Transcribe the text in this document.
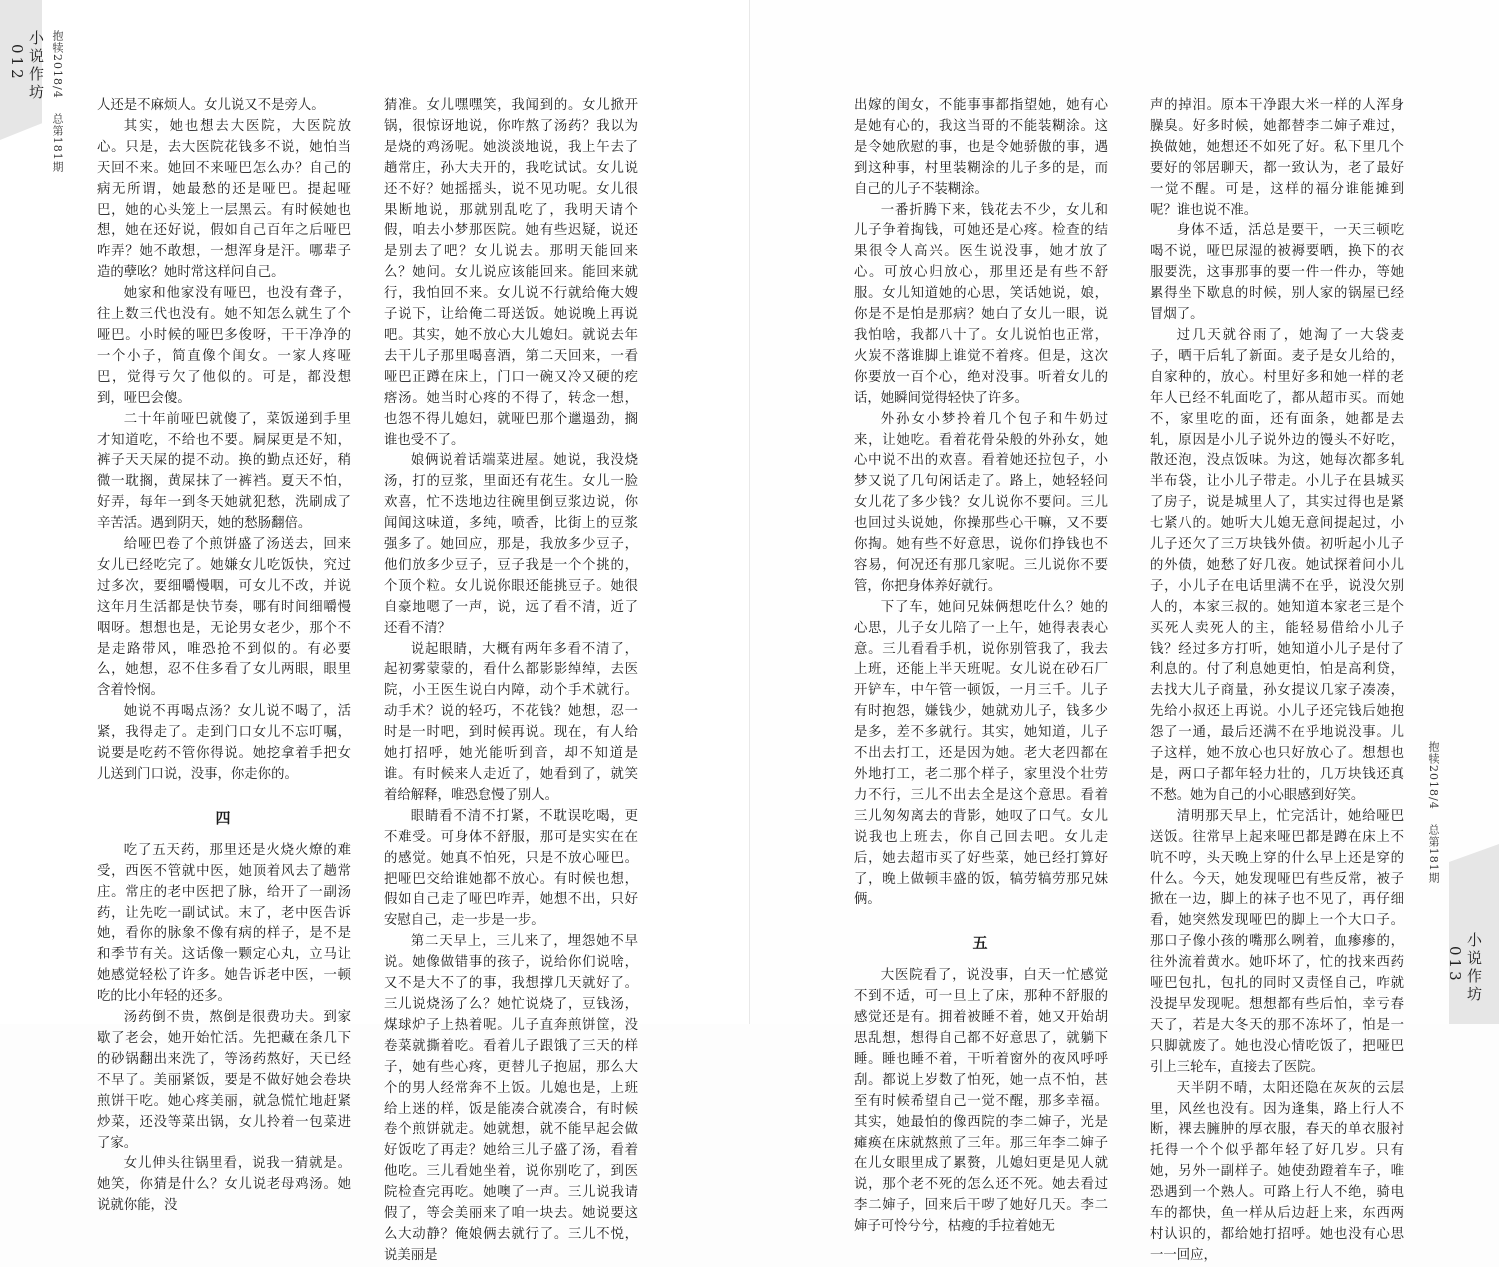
小说作坊
012 抱犊2018/4总第181期

人还是不麻烦人。女儿说又不是旁人。

其实，她也想去大医院，大医院放心。只是，去大医院花钱多不说，她怕当天回不来。她回不来哑巴怎么办？自己的病无所谓，她最愁的还是哑巴。提起哑巴，她的心头笼上一层黑云。有时候她也想，她在还好说，假如自己百年之后哑巴咋弄？她不敢想，一想浑身是汗。哪辈子造的孽吆？她时常这样问自己。

她家和他家没有哑巴，也没有聋子，往上数三代也没有。她不知怎么就生了个哑巴。小时候的哑巴多俊呀，干干净净的一个小子，简直像个闺女。一家人疼哑巴，觉得亏欠了他似的。可是，都没想到，哑巴会傻。

二十年前哑巴就傻了，菜饭递到手里才知道吃，不给也不要。屙屎更是不知，裤子天天屎的提不动。换的勤点还好，稍微一耽搁，黄屎抹了一裤裆。夏天不怕，好弄，每年一到冬天她就犯愁，洗刷成了辛苦活。遇到阴天，她的愁肠翻倍。

给哑巴卷了个煎饼盛了汤送去，回来女儿已经吃完了。她嫌女儿吃饭快，究过过多次，要细嚼慢咽，可女儿不改，并说这年月生活都是快节奏，哪有时间细嚼慢咽呀。想想也是，无论男女老少，那个不是走路带风，唯恐抢不到似的。有必要么，她想，忍不住多看了女儿两眼，眼里含着怜悯。

她说不再喝点汤？女儿说不喝了，活紧，我得走了。走到门口女儿不忘叮嘱，说要是吃药不管你得说。她挖拿着手把女儿送到门口说，没事，你走你的。

四

吃了五天药，那里还是火烧火燎的难受，西医不管就中医，她顶着风去了趟常庄。常庄的老中医把了脉，给开了一副汤药，让先吃一副试试。末了，老中医告诉她，看你的脉象不像有病的样子，是不是和季节有关。这话像一颗定心丸，立马让她感觉轻松了许多。她告诉老中医，一顿吃的比小年轻的还多。

汤药倒不贵，熬倒是很费功夫。到家歇了老会，她开始忙活。先把藏在条几下的砂锅翻出来洗了，等汤药熬好，天已经不早了。美丽紧饭，要是不做好她会卷块煎饼干吃。她心疼美丽，就急慌忙地赶紧炒菜，还没等菜出锅，女儿拎着一包菜进了家。

女儿伸头往锅里看，说我一猜就是。她笑，你猜是什么？女儿说老母鸡汤。她说就你能，没

猜准。女儿嘿嘿笑，我闻到的。女儿掀开锅，很惊讶地说，你咋熬了汤药？我以为是烧的鸡汤呢。她淡淡地说，我上午去了趟常庄，孙大夫开的，我吃试试。女儿说还不好？她摇摇头，说不见功呢。女儿很果断地说，那就别乱吃了，我明天请个假，咱去小梦那医院。她有些迟疑，说还是别去了吧？女儿说去。那明天能回来么？她问。女儿说应该能回来。能回来就行，我怕回不来。女儿说不行就给俺大嫂子说下，让给俺二哥送饭。她说晚上再说吧。其实，她不放心大儿媳妇。就说去年去干儿子那里喝喜酒，第二天回来，一看哑巴正蹲在床上，门口一碗又冷又硬的疙瘩汤。她当时心疼的不得了，转念一想，也怨不得儿媳妇，就哑巴那个邋遢劲，搁谁也受不了。

娘俩说着话端菜进屋。她说，我没烧汤，打的豆浆，里面还有花生。女儿一脸欢喜，忙不迭地边往碗里倒豆浆边说，你闻闻这味道，多纯，喷香，比街上的豆浆强多了。她回应，那是，我放多少豆子，他们放多少豆子，豆子我是一个个挑的，个顶个粒。女儿说你眼还能挑豆子。她很自豪地嗯了一声，说，远了看不清，近了还看不清？

说起眼睛，大概有两年多看不清了，起初雾蒙蒙的，看什么都影影绰绰，去医院，小王医生说白内障，动个手术就行。动手术？说的轻巧，不花钱？她想，忍一时是一时吧，到时候再说。现在，有人给她打招呼，她光能听到音，却不知道是谁。有时候来人走近了，她看到了，就笑着给解释，唯恐怠慢了别人。

眼睛看不清不打紧，不耽误吃喝，更不难受。可身体不舒服，那可是实实在在的感觉。她真不怕死，只是不放心哑巴。把哑巴交给谁她都不放心。有时候也想，假如自己走了哑巴咋弄，她想不出，只好安慰自己，走一步是一步。

第二天早上，三儿来了，埋怨她不早说。她像做错事的孩子，说给你们说啥，又不是大不了的事，我想撑几天就好了。三儿说烧汤了么？她忙说烧了，豆钱汤，煤球炉子上热着呢。儿子直奔煎饼筐，没卷菜就撕着吃。看着儿子跟饿了三天的样子，她有些心疼，更替儿子抱屈，那么大个的男人经常奔不上饭。儿媳也是，上班给上迷的样，饭是能凑合就凑合，有时候卷个煎饼就走。她就想，就不能早起会做好饭吃了再走？她给三儿子盛了汤，看着他吃。三儿看她坐着，说你别吃了，到医院检查完再吃。她噢了一声。三儿说我请假了，等会美丽来了咱一块去。她说要这么大动静？俺娘俩去就行了。三儿不悦，说美丽是

出嫁的闺女，不能事事都指望她，她有心是她有心的，我这当哥的不能装糊涂。这是令她欣慰的事，也是令她骄傲的事，遇到这种事，村里装糊涂的儿子多的是，而自己的儿子不装糊涂。

一番折腾下来，钱花去不少，女儿和儿子争着掏钱，可她还是心疼。检查的结果很令人高兴。医生说没事，她才放了心。可放心归放心，那里还是有些不舒服。女儿知道她的心思，笑话她说，娘，你是不是怕是那病？她白了女儿一眼，说我怕啥，我都八十了。女儿说怕也正常，火炭不落谁脚上谁觉不着疼。但是，这次你要放一百个心，绝对没事。听着女儿的话，她瞬间觉得轻快了许多。

外孙女小梦拎着几个包子和牛奶过来，让她吃。看着花骨朵般的外孙女，她心中说不出的欢喜。看着她还拉包子，小梦又说了几句闲话走了。路上，她轻轻问女儿花了多少钱？女儿说你不要问。三儿也回过头说她，你操那些心干嘛，又不要你掏。她有些不好意思，说你们挣钱也不容易，何况还有那几家呢。三儿说你不要管，你把身体养好就行。

下了车，她问兄妹俩想吃什么？她的心思，儿子女儿陪了一上午，她得表表心意。三儿看看手机，说你别管我了，我去上班，还能上半天班呢。女儿说在砂石厂开铲车，中午管一顿饭，一月三千。儿子有时抱怨，嫌钱少，她就劝儿子，钱多少是多，差不多就行。其实，她知道，儿子不出去打工，还是因为她。老大老四都在外地打工，老二那个样子，家里没个壮劳力不行，三儿不出去全是这个意思。看着三儿匆匆离去的背影，她叹了口气。女儿说我也上班去，你自己回去吧。女儿走后，她去超市买了好些菜，她已经打算好了，晚上做顿丰盛的饭，犒劳犒劳那兄妹俩。

五

大医院看了，说没事，白天一忙感觉不到不适，可一旦上了床，那种不舒服的感觉还是有。拥着被睡不着，她又开始胡思乱想，想得自己都不好意思了，就躺下睡。睡也睡不着，干听着窗外的夜风呼呼刮。都说上岁数了怕死，她一点不怕，甚至有时候希望自己一觉不醒，那多幸福。其实，她最怕的像西院的李二婶子，光是瘫痪在床就熬煎了三年。那三年李二婶子在儿女眼里成了累赘，儿媳妇更是见人就说，那个老不死的怎么还不死。她去看过李二婶子，回来后干哕了她好几天。李二婶子可怜兮兮，枯瘦的手拉着她无

声的掉泪。原本干净跟大米一样的人浑身臊臭。好多时候，她都替李二婶子难过，换做她，她想还不如死了好。私下里几个要好的邻居聊天，都一致认为，老了最好一觉不醒。可是，这样的福分谁能摊到呢？谁也说不准。

身体不适，活总是要干，一天三顿吃喝不说，哑巴尿湿的被褥要晒，换下的衣服要洗，这事那事的要一件一件办，等她累得坐下歇息的时候，别人家的锅屋已经冒烟了。

过几天就谷雨了，她淘了一大袋麦子，晒干后轧了新面。麦子是女儿给的，自家种的，放心。村里好多和她一样的老年人已经不轧面吃了，都从超市买。而她不，家里吃的面，还有面条，她都是去轧，原因是小儿子说外边的馒头不好吃，散还泡，没点饭味。为这，她每次都多轧半布袋，让小儿子带走。小儿子在县城买了房子，说是城里人了，其实过得也是紧七紧八的。她听大儿媳无意间提起过，小儿子还欠了三万块钱外债。初听起小儿子的外债，她愁了好几夜。她试探着问小儿子，小儿子在电话里满不在乎，说没欠别人的，本家三叔的。她知道本家老三是个买死人卖死人的主，能轻易借给小儿子钱？经过多方打听，她知道小儿子是付了利息的。付了利息她更怕，怕是高利贷，去找大儿子商量，孙女提议几家子凑凑，先给小叔还上再说。小儿子还完钱后她抱怨了一通，最后还满不在乎地说没事。儿子这样，她不放心也只好放心了。想想也是，两口子都年轻力壮的，几万块钱还真不愁。她为自己的小心眼感到好笑。

清明那天早上，忙完活计，她给哑巴送饭。往常早上起来哑巴都是蹲在床上不吭不哼，头天晚上穿的什么早上还是穿的什么。今天，她发现哑巴有些反常，被子掀在一边，脚上的袜子也不见了，再仔细看，她突然发现哑巴的脚上一个大口子。那口子像小孩的嘴那么咧着，血瘆瘆的，往外流着黄水。她吓坏了，忙的找来西药哑巴包扎，包扎的同时又责怪自己，咋就没提早发现呢。想想都有些后怕，幸亏春天了，若是大冬天的那不冻坏了，怕是一只脚就废了。她也没心情吃饭了，把哑巴引上三轮车，直接去了医院。

天半阴不晴，太阳还隐在灰灰的云层里，风丝也没有。因为逢集，路上行人不断，裸去臃肿的厚衣服，春天的单衣服衬托得一个个似乎都年轻了好几岁。只有她，另外一副样子。她使劲蹬着车子，唯恐遇到一个熟人。可路上行人不绝，骑电车的都快，鱼一样从后边赶上来，东西两村认识的，都给她打招呼。她也没有心思一一回应，

抱犊2018/4总第181期
小说作坊
013
